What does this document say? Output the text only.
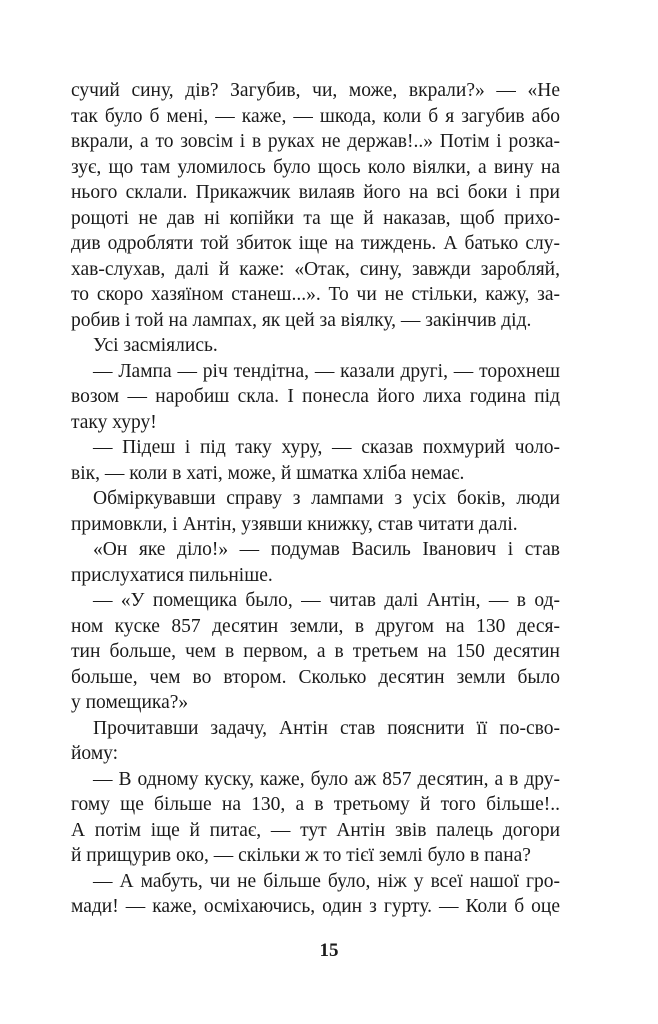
сучий сину, дів? Загубив, чи, може, вкрали?» — «Не
так було б мені, — каже, — шкода, коли б я загубив або
вкрали, а то зовсім і в руках не держав!..» Потім і розка-
зує, що там уломилось було щось коло віялки, а вину на
нього склали. Прикажчик вилаяв його на всі боки і при
рощоті не дав ні копійки та ще й наказав, щоб прихо-
див одробляти той збиток іще на тиждень. А батько слу-
хав-слухав, далі й каже: «Отак, сину, завжди заробляй,
то скоро хазяїном станеш...». То чи не стільки, кажу, за-
робив і той на лампах, як цей за віялку, — закінчив дід.
Усі засміялись.
— Лампа — річ тендітна, — казали другі, — торохнеш
возом — наробиш скла. І понесла його лиха година під
таку хуру!
— Підеш і під таку хуру, — сказав похмурий чоло-
вік, — коли в хаті, може, й шматка хліба немає.
Обміркувавши справу з лампами з усіх боків, люди
примовкли, і Антін, узявши книжку, став читати далі.
«Он яке діло!» — подумав Василь Іванович і став
прислухатися пильніше.
— «У помещика было, — читав далі Антін, — в од-
ном куске 857 десятин земли, в другом на 130 деся-
тин больше, чем в первом, а в третьем на 150 десятин
больше, чем во втором. Сколько десятин земли было
у помещика?»
Прочитавши задачу, Антін став пояснити її по-сво-
йому:
— В одному куску, каже, було аж 857 десятин, а в дру-
гому ще більше на 130, а в третьому й того більше!..
А потім іще й питає, — тут Антін звів палець догори
й прищурив око, — скільки ж то тієї землі було в пана?
— А мабуть, чи не більше було, ніж у всеї нашої гро-
мади! — каже, осміхаючись, один з гурту. — Коли б оце
15
